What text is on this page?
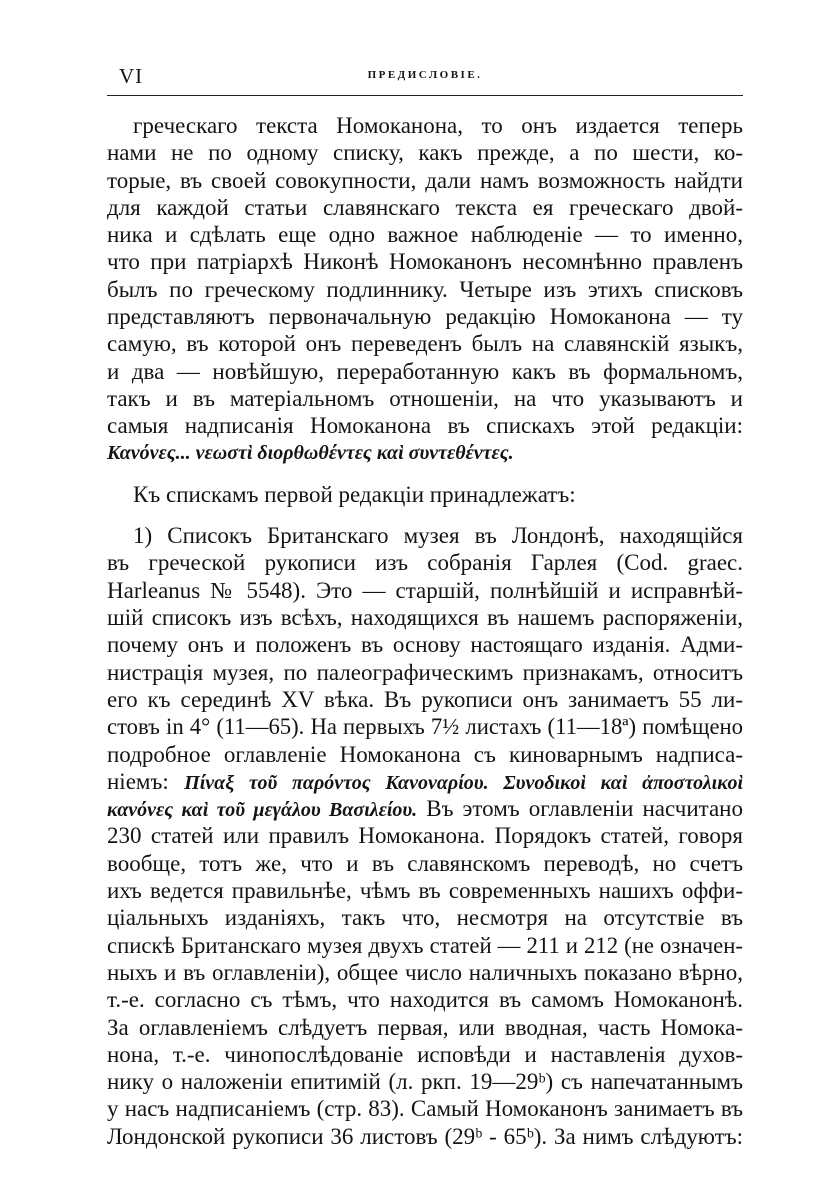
VI	ПРЕДИСЛОВІЕ.
греческаго текста Номоканона, то онъ издается теперь
нами не по одному списку, какъ прежде, а по шести, ко-
торые, въ своей совокупности, дали намъ возможность найдти
для каждой статьи славянскаго текста ея греческаго двой-
ника и сдѣлать еще одно важное наблюденіе — то именно,
что при патріархѣ Никонѣ Номоканонъ несомнѣнно правленъ
былъ по греческому подлиннику. Четыре изъ этихъ списковъ
представляютъ первоначальную редакцію Номоканона — ту
самую, въ которой онъ переведенъ былъ на славянскій языкъ,
и два — новѣйшую, переработанную какъ въ формальномъ,
такъ и въ матеріальномъ отношеніи, на что указываютъ и
самыя надписанія Номоканона въ спискахъ этой редакціи:
Κανόνες... νεωστὶ διορθωθέντες καὶ συντεθέντες.
Къ спискамъ первой редакціи принадлежатъ:
1) Списокъ Британскаго музея въ Лондонѣ, находящійся
въ греческой рукописи изъ собранія Гарлея (Cod. graec.
Harleanus № 5548). Это — старшій, полнѣйшій и исправнѣй-
шій списокъ изъ всѣхъ, находящихся въ нашемъ распоряженіи,
почему онъ и положенъ въ основу настоящаго изданія. Адми-
нистрація музея, по палеографическимъ признакамъ, относитъ
его къ серединѣ XV вѣка. Въ рукописи онъ занимаетъ 55 ли-
стовъ in 4° (11—65). На первыхъ 7½ листахъ (11—18ª) помѣщено
подробное оглавленіе Номоканона съ киноварнымъ надписа-
ніемъ: Πίναξ τοῦ παρόντος Κανοναρίου. Συνοδικοὶ καὶ ἀποστολικοὶ
κανόνες καὶ τοῦ μεγάλου Βασιλείου. Въ этомъ оглавленіи насчитано
230 статей или правилъ Номоканона. Порядокъ статей, говоря
вообще, тотъ же, что и въ славянскомъ переводѣ, но счетъ
ихъ ведется правильнѣе, чѣмъ въ современныхъ нашихъ оффи-
ціальныхъ изданіяхъ, такъ что, несмотря на отсутствіе въ
спискѣ Британскаго музея двухъ статей — 211 и 212 (не означен-
ныхъ и въ оглавленіи), общее число наличныхъ показано вѣрно,
т.-е. согласно съ тѣмъ, что находится въ самомъ Номоканонѣ.
За оглавленіемъ слѣдуетъ первая, или вводная, часть Номока-
нона, т.-е. чинопослѣдованіе исповѣди и наставленія духов-
нику о наложеніи епитимій (л. ркп. 19—29ᵇ) съ напечатаннымъ
у насъ надписаніемъ (стр. 83). Самый Номоканонъ занимаетъ въ
Лондонской рукописи 36 листовъ (29ᵇ - 65ᵇ). За нимъ слѣдуютъ:
